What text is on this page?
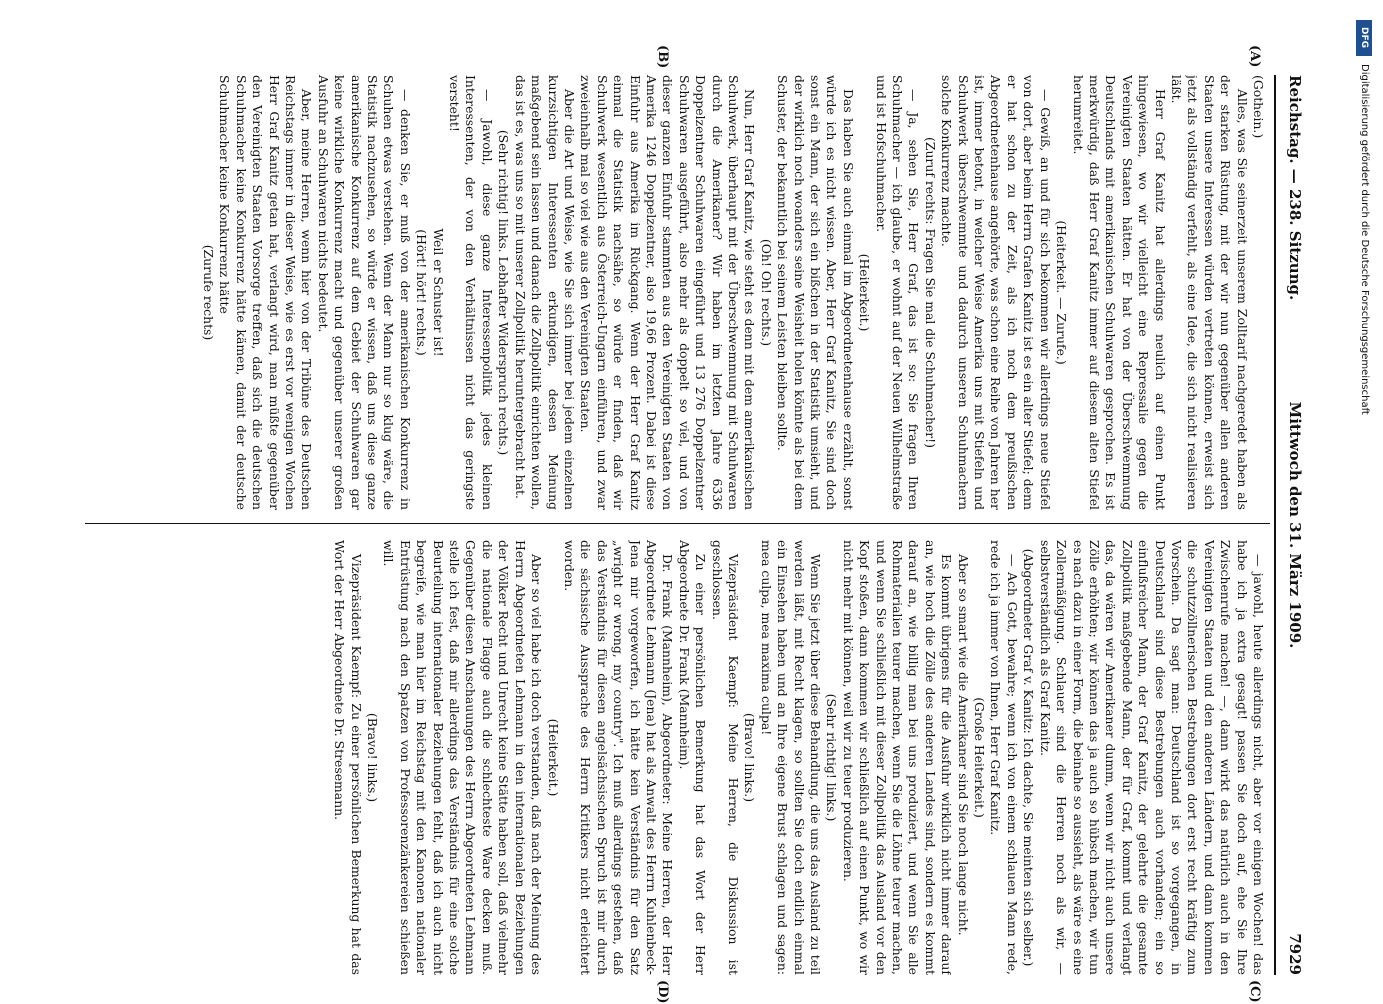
Reichstag. — 238. Sitzung.
Mittwoch den 31. März 1909.
7929

(Gothein.)

Alles, was Sie seinerzeit unserem Zolltarif nachgeredet haben als der starken Rüstung, mit der wir nun gegenüber allen anderen Staaten unsere Interessen würden vertreten können, erweist sich jetzt als vollständig verfehlt, als eine Idee, die sich nicht realisieren läßt.

Herr Graf Kanitz hat allerdings neulich auf einen Punkt hingewiesen, wo wir vielleicht eine Repressalie gegen die Vereinigten Staaten hätten. Er hat von der Überschwemmung Deutschlands mit amerikanischen Schuhwaren gesprochen. Es ist merkwürdig, daß Herr Graf Kanitz immer auf diesem alten Stiefel herumreitet.

(Heiterkeit. — Zurufe.)

— Gewiß, an und für sich bekommen wir allerdings neue Stiefel von dort, aber beim Herrn Grafen Kanitz ist es ein alter Stiefel; denn er hat schon zu der Zeit, als ich noch dem preußischen Abgeordnetenhause angehörte, was schon eine Reihe von Jahren her ist, immer betont, in welcher Weise Amerika uns mit Stiefeln und Schuhwerk überschwemmte und dadurch unseren Schuhmachern solche Konkurrenz machte.

(Zuruf rechts: Fragen Sie mal die Schuhmacher!)

— Ja, sehen Sie, Herr Graf, das ist so: Sie fragen Ihren Schuhmacher — ich glaube, er wohnt auf der Neuen Wilhelmstraße und ist Hofschuhmacher.

(Heiterkeit.)

Das haben Sie auch einmal im Abgeordnetenhause erzählt, sonst würde ich es nicht wissen. Aber, Herr Graf Kanitz, Sie sind doch sonst ein Mann, der sich ein bißchen in der Statistik umsieht, und der wirklich noch woanders seine Weisheit holen könnte als bei dem Schuster, der bekanntlich bei seinem Leisten bleiben sollte.

(Oh! Oh! rechts.)

Nun, Herr Graf Kanitz, wie steht es denn mit dem amerikanischen Schuhwerk, überhaupt mit der Überschwemmung mit Schuhwaren durch die Amerikaner? Wir haben im letzten Jahre 6336 Doppelzentner Schuhwaren eingeführt und 13 276 Doppelzentner Schuhwaren ausgeführt, also mehr als doppelt so viel, und von dieser ganzen Einfuhr stammten aus den Vereinigten Staaten von Amerika 1246 Doppelzentner, also 19,66 Prozent. Dabei ist diese Einfuhr aus Amerika im Rückgang. Wenn der Herr Graf Kanitz einmal die Statistik nachsähe, so würde er finden, daß wir Schuhwerk wesentlich aus Österreich-Ungarn einführen, und zwar zweieinhalb mal so viel wie aus den Vereinigten Staaten.

Aber die Art und Weise, wie Sie sich immer bei jedem einzelnen kurzsichtigen Interessenten erkundigen, dessen Meinung maßgebend sein lassen und danach die Zollpolitik einrichten wollen, das ist es, was uns so mit unserer Zollpolitik heruntergebracht hat.

(Sehr richtig! links. Lebhafter Widerspruch rechts.)

— Jawohl, diese ganze Interessenpolitik jedes kleinen Interessenten, der von den Verhältnissen nicht das geringste versteht!

Weil er Schuster ist!

(Hört! hört! rechts.)

— denken Sie, er muß von der amerikanischen Konkurrenz in Schuhen etwas verstehen. Wenn der Mann nur so klug wäre, die Statistik nachzusehen, so würde er wissen, daß uns diese ganze amerikanische Konkurrenz auf dem Gebiet der Schuhwaren gar keine wirkliche Konkurrenz macht und gegenüber unserer großen Ausfuhr an Schuhwaren nichts bedeutet.

Aber, meine Herren, wenn hier von der Tribüne des Deutschen Reichstags immer in dieser Weise, wie es erst vor wenigen Wochen Herr Graf Kanitz getan hat, verlangt wird, man müßte gegenüber den Vereinigten Staaten Vorsorge treffen, daß sich die deutschen Schuhmacher keine Konkurrenz hätte kämen, damit der deutsche Schuhmacher keine Konkurrenz hätte

(Zurufe rechts)

— jawohl, heute allerdings nicht, aber vor einigen Wochen! das habe ich ja extra gesagt! passen Sie doch auf, ehe Sie Ihre Zwischenrufe machen! —, dann wirkt das natürlich auch in den Vereinigten Staaten und den anderen Ländern, und dann kommen die schutzzöllnerischen Bestrebungen dort erst recht kräftig zum Vorschein. Da sagt man: Deutschland ist so vorgegangen, in Deutschland sind diese Bestrebungen auch vorhanden; ein so einflußreicher Mann, der Graf Kanitz, der gelehrte die gesamte Zollpolitik maßgebende Mann, der für Graf, kommt und verlangt das, da wären wir Amerikaner dumm, wenn wir nicht auch unsere Zölle erhöhten; wir können das ja auch so hübsch machen, wir tun es nach dazu in einer Form, die beinahe so aussieht, als wäre es eine Zollermäßigung. Schlauer sind die Herren noch als wir, — selbstverständlich als Graf Kanitz.

(Abgeordneter Graf v. Kanitz: Ich dachte, Sie meinten sich selber.)

— Ach Gott, bewahre; wenn ich von einem schlauen Mann rede, rede ich ja immer von Ihnen, Herr Graf Kanitz.

(Große Heiterkeit.)

Aber so smart wie die Amerikaner sind Sie noch lange nicht.

Es kommt übrigens für die Ausfuhr wirklich nicht immer darauf an, wie hoch die Zölle des anderen Landes sind, sondern es kommt darauf an, wie billig man bei uns produziert, und wenn Sie alle Rohmaterialien teurer machen, wenn Sie die Löhne teurer machen, und wenn Sie schließlich mit dieser Zollpolitik das Ausland vor den Kopf stoßen, dann kommen wir schließlich auf einen Punkt, wo wir nicht mehr mit können, weil wir zu teuer produzieren.

(Sehr richtig! links.)

Wenn Sie jetzt über diese Behandlung, die uns das Ausland zu teil werden läßt, mit Recht klagen, so sollten Sie doch endlich einmal ein Einsehen haben und an Ihre eigene Brust schlagen und sagen: mea culpa, mea maxima culpa!

(Bravo! links.)

Vizepräsident Kaempf: Meine Herren, die Diskussion ist geschlossen.

Zu einer persönlichen Bemerkung hat das Wort der Herr Abgeordnete Dr. Frank (Mannheim).

Dr. Frank (Mannheim), Abgeordneter: Meine Herren, der Herr Abgeordnete Lehmann (Jena) hat als Anwalt des Herrn Kuhlenbeck-Jena mir vorgeworfen, ich hätte kein Verständnis für den Satz „wright or wrong, my country". Ich muß allerdings gestehen, daß das Verständnis für diesen angelsächsischen Spruch ist mir durch die sächsische Aussprache des Herrn Kritikers nicht erleichtert worden.

(Heiterkeit.)

Aber so viel habe ich doch verstanden, daß nach der Meinung des Herrn Abgeordneten Lehmann in den internationalen Beziehungen der Völker Recht und Unrecht keine Stätte haben soll, daß vielmehr die nationale Flagge auch die schlechteste Ware decken muß. Gegenüber diesen Anschauungen des Herrn Abgeordneten Lehmann stelle ich fest, daß mir allerdings das Verständnis für eine solche Beurteilung internationaler Beziehungen fehlt, daß ich auch nicht begreife, wie man hier im Reichstag mit den Kanonen nationaler Entrüstung nach den Spatzen von Professorenzänkereien schießen will.

(Bravo! links.)

Vizepräsident Kaempf: Zu einer persönlichen Bemerkung hat das Wort der Herr Abgeordnete Dr. Stresemann.

(A)
(B)
(C)
(D)
DFG
Digitalisierung gefördert durch die Deutsche Forschungsgemeinschaft
